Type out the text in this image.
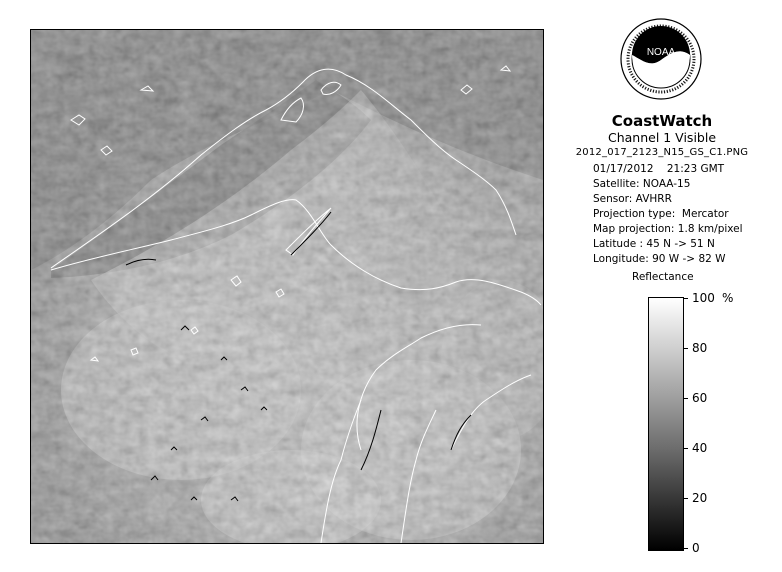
NOAA
CoastWatch
Channel 1 Visible
2012_017_2123_N15_GS_C1.PNG
01/17/2012    21:23 GMT
Satellite: NOAA-15
Sensor: AVHRR
Projection type:  Mercator
Map projection: 1.8 km/pixel
Latitude : 45 N -> 51 N
Longitude: 90 W -> 82 W
Reflectance
%
0
20
40
60
80
100
